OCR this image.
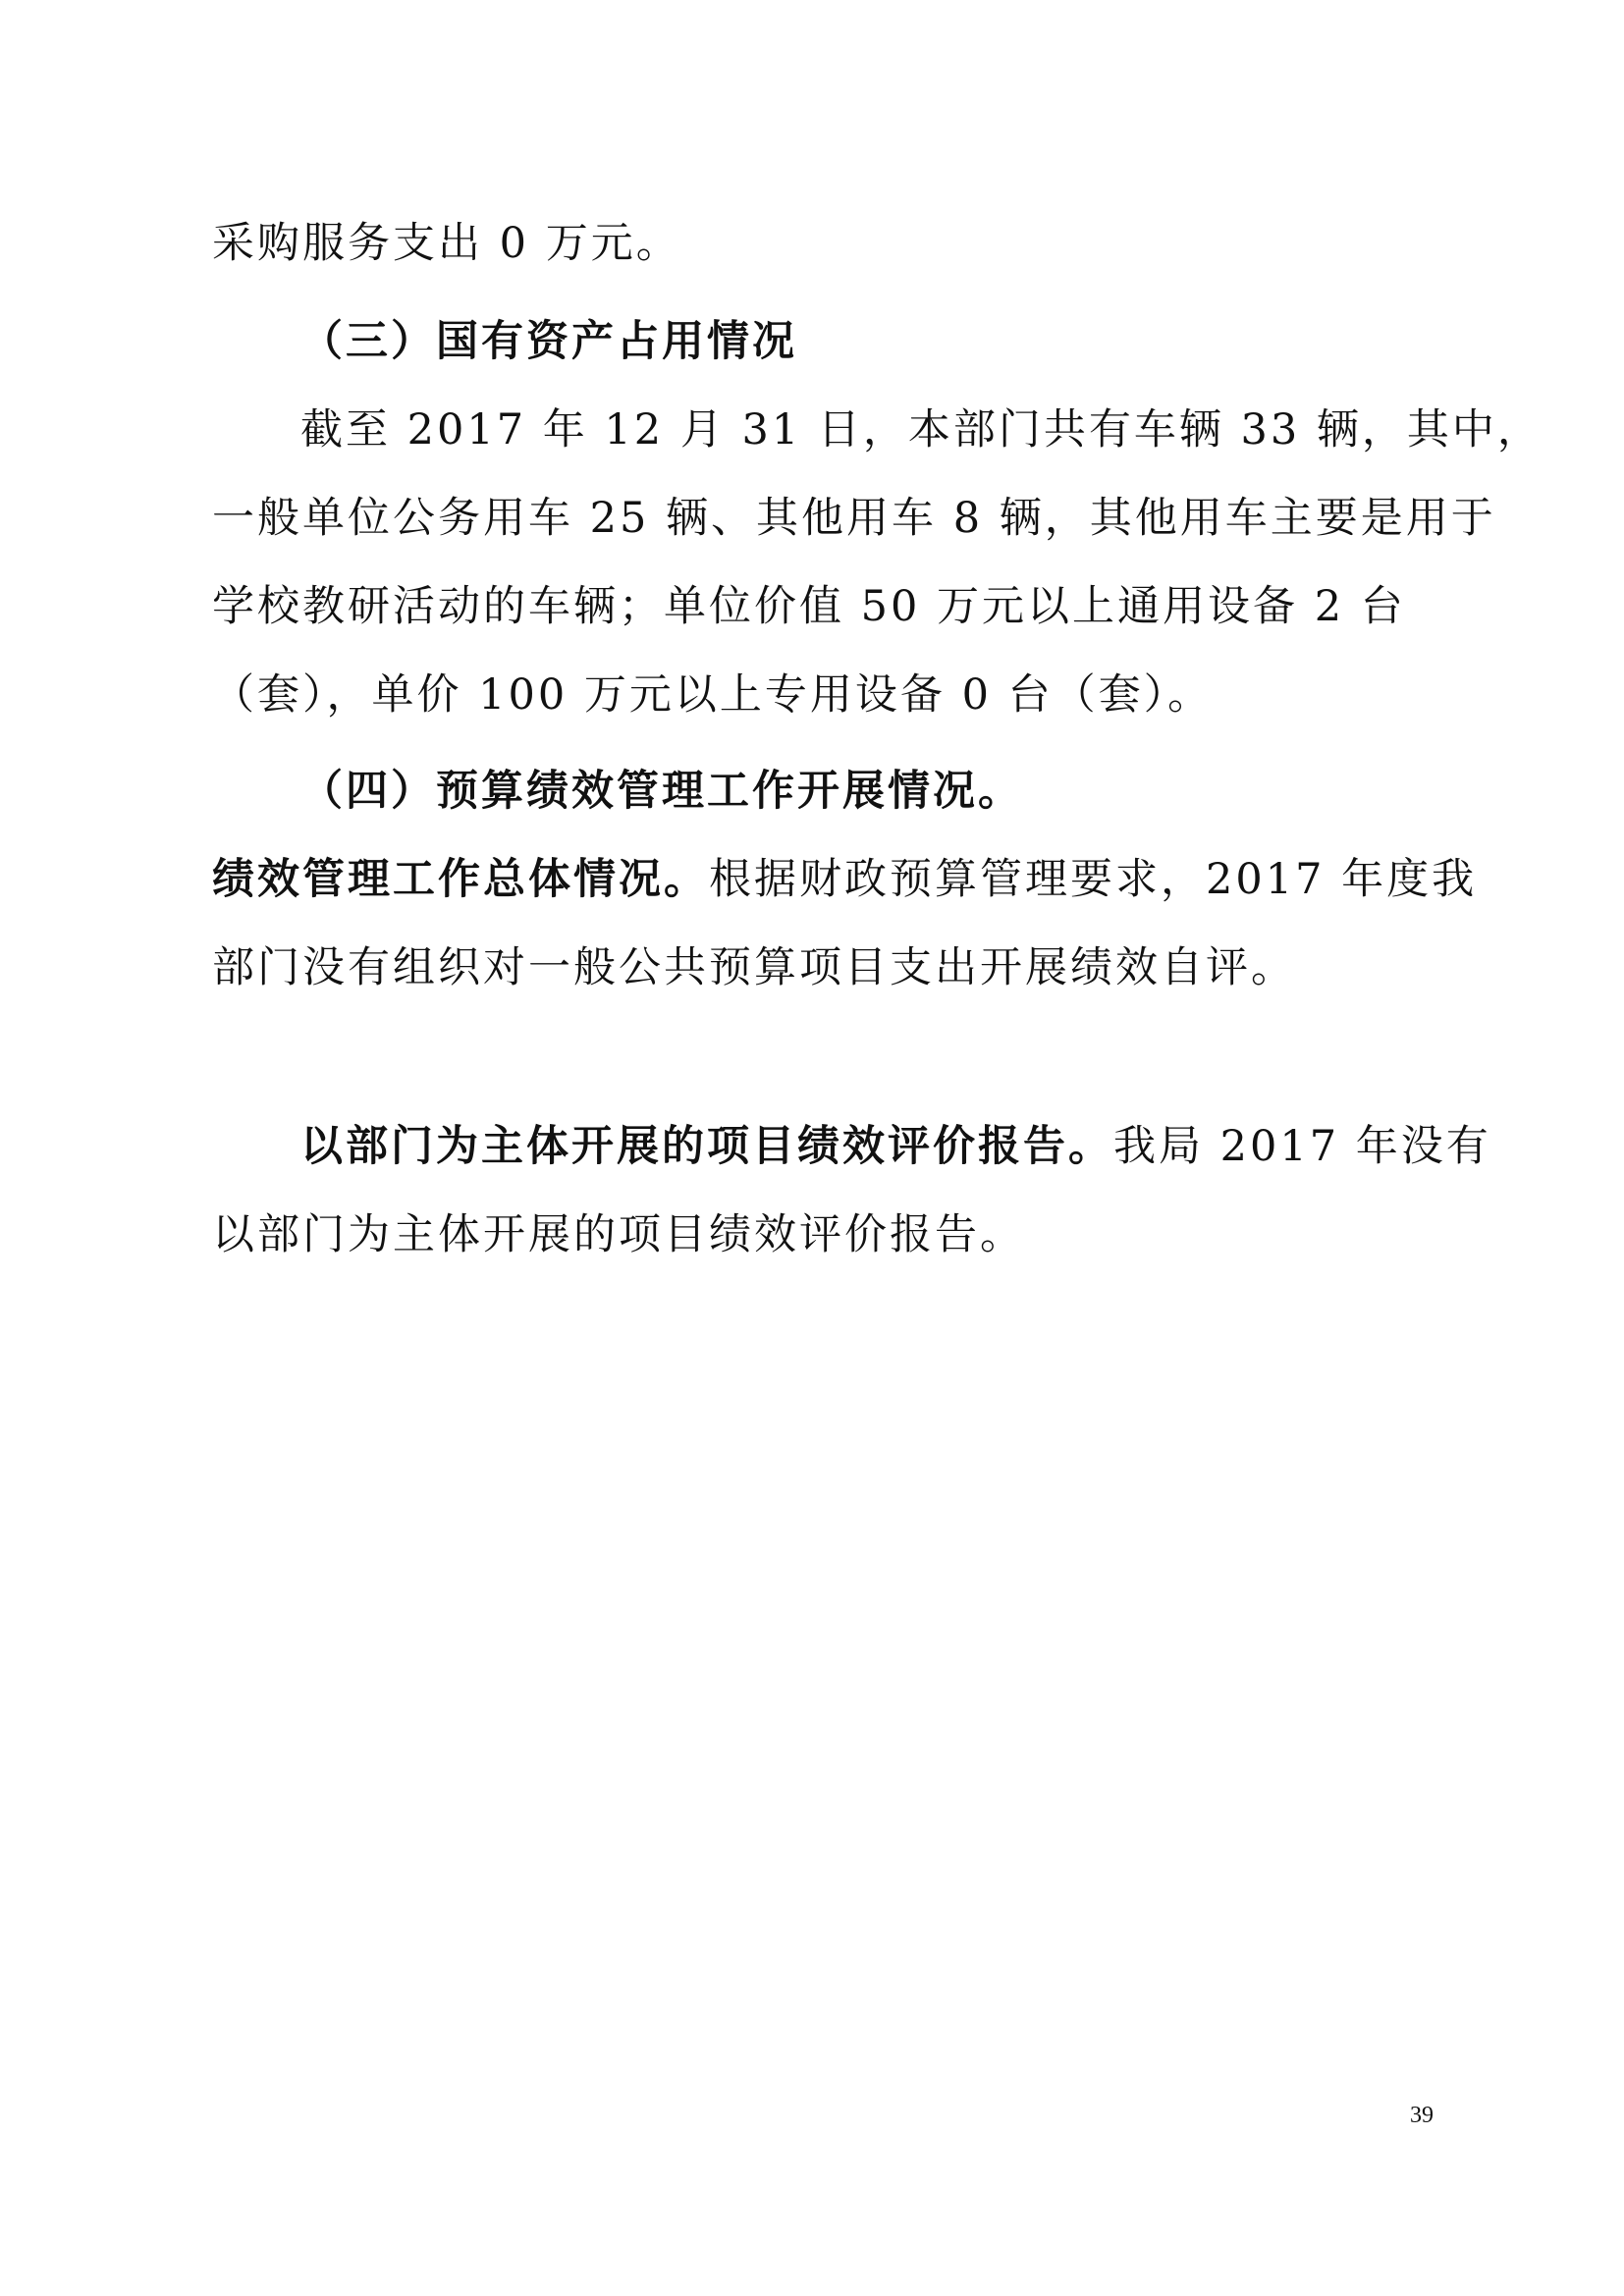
采购服务支出 0 万元。
（三）国有资产占用情况
截至 2017 年 12 月 31 日，本部门共有车辆 33 辆，其中，
一般单位公务用车 25 辆、其他用车 8 辆，其他用车主要是用于
学校教研活动的车辆；单位价值 50 万元以上通用设备 2 台
（套），单价 100 万元以上专用设备 0 台（套）。
（四）预算绩效管理工作开展情况。
绩效管理工作总体情况。根据财政预算管理要求，2017 年度我
部门没有组织对一般公共预算项目支出开展绩效自评。
以部门为主体开展的项目绩效评价报告。我局 2017 年没有
以部门为主体开展的项目绩效评价报告。
39
